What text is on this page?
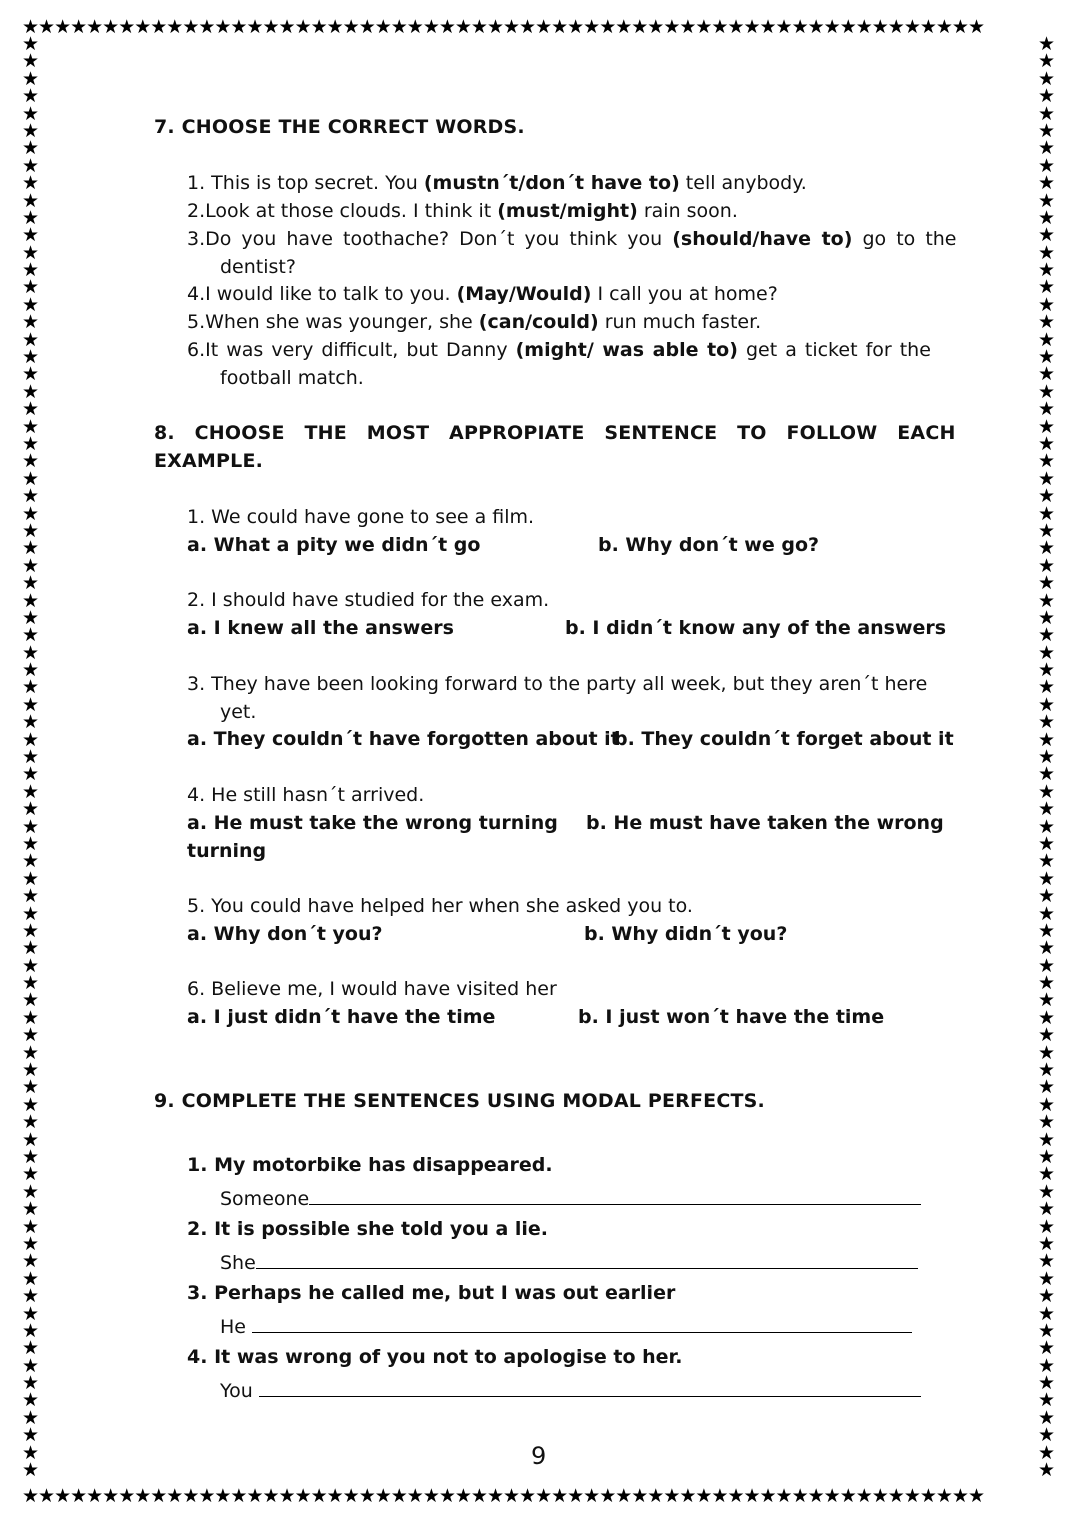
★★★★★★★★★★★★★★★★★★★★★★★★★★★★★★★★★★★★★★★★★★★★★★★★★★★★★★★★★★★★
★★★★★★★★★★★★★★★★★★★★★★★★★★★★★★★★★★★★★★★★★★★★★★★★★★★★★★★★★★★★
★
★
★
★
★
★
★
★
★
★
★
★
★
★
★
★
★
★
★
★
★
★
★
★
★
★
★
★
★
★
★
★
★
★
★
★
★
★
★
★
★
★
★
★
★
★
★
★
★
★
★
★
★
★
★
★
★
★
★
★
★
★
★
★
★
★
★
★
★
★
★
★
★
★
★
★
★
★
★
★
★
★
★
★
★
★
★
★
★
★
★
★
★
★
★
★
★
★
★
★
★
★
★
★
★
★
★
★
★
★
★
★
★
★
★
★
★
★
★
★
★
★
★
★
★
★
★
★
★
★
★
★
★
★
★
★
★
★
★
★
★
★
★
★
★
★
★
★
★
★
★
★
★
★
★
★
★
★
★
★
★
★
★
★
★
★
7. CHOOSE THE CORRECT WORDS.
1. This is top secret. You (mustn´t/don´t have to) tell anybody.
2.Look at those clouds. I think it (must/might) rain soon.
3.Do you have toothache? Don´t you think you (should/have to) go to the
dentist?
4.I would like to talk to you. (May/Would) I call you at home?
5.When she was younger, she (can/could) run much faster.
6.It was very difficult, but Danny (might/ was able to) get a ticket for the
football match.
8. CHOOSE THE MOST APPROPIATE SENTENCE TO FOLLOW EACH
EXAMPLE.
1. We could have gone to see a film.
a. What a pity we didn´t go	b. Why don´t we go?
2. I should have studied for the exam.
a. I knew all the answers	b. I didn´t know any of the answers
3. They have been looking forward to the party all week, but they aren´t here
yet.
a. They couldn´t have forgotten about it
b. They couldn´t forget about it
4. He still hasn´t arrived.
a. He must take the wrong turning b. He must have taken the wrong
turning
5. You could have helped her when she asked you to.
a. Why don´t you?	b. Why didn´t you?
6. Believe me, I would have visited her
a. I just didn´t have the time	b. I just won´t have the time
9. COMPLETE THE SENTENCES USING MODAL PERFECTS.
1. My motorbike has disappeared.
Someone
2. It is possible she told you a lie.
She
3. Perhaps he called me, but I was out earlier
He
4. It was wrong of you not to apologise to her.
You
9
